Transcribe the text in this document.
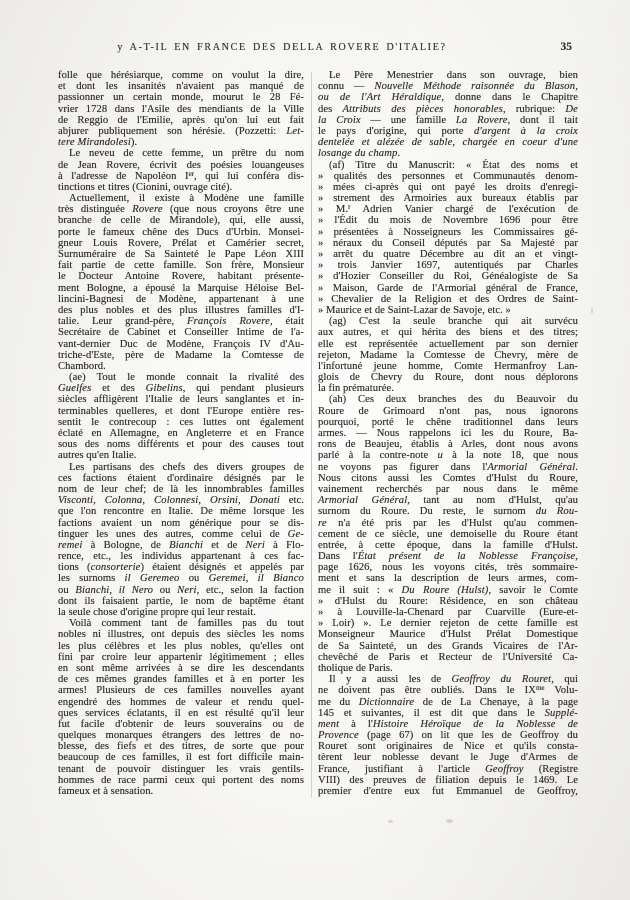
y A-T-IL EN FRANCE DES DELLA ROVERE D'ITALIE?	35
folle que hérésiarque, comme on voulut la dire,
et dont les insanités n'avaient pas manqué de
passionner un certain monde, mourut le 28 Fé-
vrier 1728 dans l'Asile des mendiants de la Ville
de Reggio de l'Emilie, après qu'on lui eut fait
abjurer publiquement son hérésie. (Pozzetti: Let-
tere Mirandolesi).
Le neveu de cette femme, un prêtre du nom
de Jean Rovere, écrivit des poésies louangeuses
à l'adresse de Napoléon Ier, qui lui conféra dis-
tinctions et titres (Cionini, ouvrage cité).
Actuellement, il existe à Modène une famille
très distinguée Rovere (que nous croyons être une
branche de celle de Mirandole), qui, elle aussi,
porte le fameux chêne des Ducs d'Urbin. Monsei-
gneur Louis Rovere, Prélat et Camérier secret,
Surnuméraire de Sa Sainteté le Pape Léon XIII
fait partie de cette famille. Son frère, Monsieur
le Docteur Antoine Rovere, habitant présente-
ment Bologne, a épousé la Marquise Héloise Bel-
lincini-Bagnesi de Modène, appartenant à une
des plus nobles et des plus illustres familles d'I-
talie. Leur grand-père, François Rovere, était
Secrétaire de Cabinet et Conseiller Intime de l'a-
vant-dernier Duc de Modène, François IV d'Au-
triche-d'Este, père de Madame la Comtesse de
Chambord.
(ae) Tout le monde connait la rivalité des
Guelfes et des Gibelins, qui pendant plusieurs
siècles affligèrent l'Italie de leurs sanglantes et in-
terminables quelleres, et dont l'Europe entière res-
sentit le contrecoup : ces luttes ont également
éclaté en Allemagne, en Angleterre et en France
sous des noms différents et pour des causes tout
autres qu'en Italie.
Les partisans des chefs des divers groupes de
ces factions étaient d'ordinaire désignés par le
nom de leur chef; de là les innombrables familles
Visconti, Colonna, Colonnesi, Orsini, Donati etc.
que l'on rencontre en Italie. De même lorsque les
factions avaient un nom générique pour se dis-
tinguer les unes des autres, comme celui de Ge-
remei à Bologne, de Bianchi et de Neri à Flo-
rence, etc., les individus appartenant à ces fac-
tions (consorterie) étaient désignés et appelés par
les surnoms il Geremeo ou Geremei, il Bianco
ou Bianchi, il Nero ou Neri, etc., selon la faction
dont ils faisaient partie, le nom de baptême étant
la seule chose d'origine propre qui leur restait.
Voilà comment tant de familles pas du tout
nobles ni illustres, ont depuis des siècles les noms
les plus célèbres et les plus nobles, qu'elles ont
fini par croire leur appartenir légitimement ; elles
en sont même arrivées à se dire les descendants
de ces mêmes grandes familles et à en porter les
armes! Plusieurs de ces familles nouvelles ayant
engendré des hommes de valeur et rendu quel-
ques services éclatants, il en est résulté qu'il leur
fut facile d'obtenir de leurs souverains ou de
quelques monarques étrangers des lettres de no-
blesse, des fiefs et des titres, de sorte que pour
beaucoup de ces familles, il est fort difficile main-
tenant de pouvoir distinguer les vrais gentils-
hommes de race parmi ceux qui portent des noms
fameux et à sensation.
Le Père Menestrier dans son ouvrage, bien
connu — Nouvelle Méthode raisonnée du Blason,
ou de l'Art Héraldique, donne dans le Chapitre
des Attributs des pièces honorables, rubrique: De
la Croix — une famille La Rovere, dont il tait
le pays d'origine, qui porte d'argent à la croix
dentelée et alézée de sable, chargée en coeur d'une
losange du champ.
(af) Titre du Manuscrit: « État des noms et
» qualités des personnes et Communautés denom-
» mées ci-après qui ont payé les droits d'enregi-
» strement des Armoiries aux bureaux établis par
» M.$^r$ Adrien Vanier chargé de l'exécution de
» l'Édit du mois de Novembre 1696 pour être
» présentées à Nosseigneurs les Commissaires gé-
» néraux du Conseil députés par Sa Majesté par
» arrêt du quatre Décembre au dit an et vingt-
» trois Janvier 1697, autentiqués par Charles
» d'Hozier Conseiller du Roi, Généalogiste de Sa
» Maison, Garde de l'Armorial général de France,
» Chevalier de la Religion et des Ordres de Saint-
» Maurice et de Saint-Lazar de Savoje, etc. »
(ag) C'est la seule branche qui ait survécu
aux autres, et qui hérita des biens et des titres;
elle est représentée actuellement par son dernier
rejeton, Madame la Comtesse de Chevry, mère de
l'infortuné jeune homme, Comte Hermanfroy Lan-
glois de Chevry du Roure, dont nous déplorons
la fin prématurée.
(ah) Ces deux branches des du Beauvoir du
Roure de Grimoard n'ont pas, nous ignorons
pourquoi, porté le chêne traditionnel dans leurs
armes. — Nous rappelons ici les du Roure, Ba-
rons de Beaujeu, établis à Arles, dont nous avons
parlé à la contre-note u à la note 18, que nous
ne voyons pas figurer dans l'Armorial Général.
Nous citons aussi les Comtes d'Hulst du Roure,
vainement recherchés par nous dans le même
Armorial Général, tant au nom d'Hulst, qu'au
surnom du Roure. Du reste, le surnom du Rou-
re n'a été pris par les d'Hulst qu'au commen-
cement de ce siècle, une demoiselle du Roure étant
entrée, à cette époque, dans la famille d'Hulst.
Dans l'État présent de la Noblesse Françoise,
page 1626, nous les voyons cités, très sommaire-
ment et sans la description de leurs armes, com-
me il suit : « Du Roure (Hulst), savoir le Comte
» d'Hulst du Roure: Résidence, en son château
» à Louville-la-Chenard par Cuarville (Eure-et-
» Loir) ». Le dernier rejeton de cette famille est
Monseigneur Maurice d'Hulst Prélat Domestique
de Sa Sainteté, un des Grands Vicaires de l'Ar-
chevêché de Paris et Recteur de l'Université Ca-
tholique de Paris.
Il y a aussi les de Geoffroy du Rouret, qui
ne doivent pas être oubliés. Dans le $IX^{me}$ Volu-
me du Dictionnaire de de La Chenaye, à la page
145 et suivantes, il est dit que dans le Supplé-
ment à l'Histoire Héroïque de la Noblesse de
Provence (page 67) on lit que les de Geoffroy du
Rouret sont originaires de Nice et qu'ils consta-
tèrent leur noblesse devant le Juge d'Armes de
France, justifiant à l'article Geoffroy (Registre
VIII) des preuves de filiation depuis le 1469. Le
premier d'entre eux fut Emmanuel de Geoffroy,
